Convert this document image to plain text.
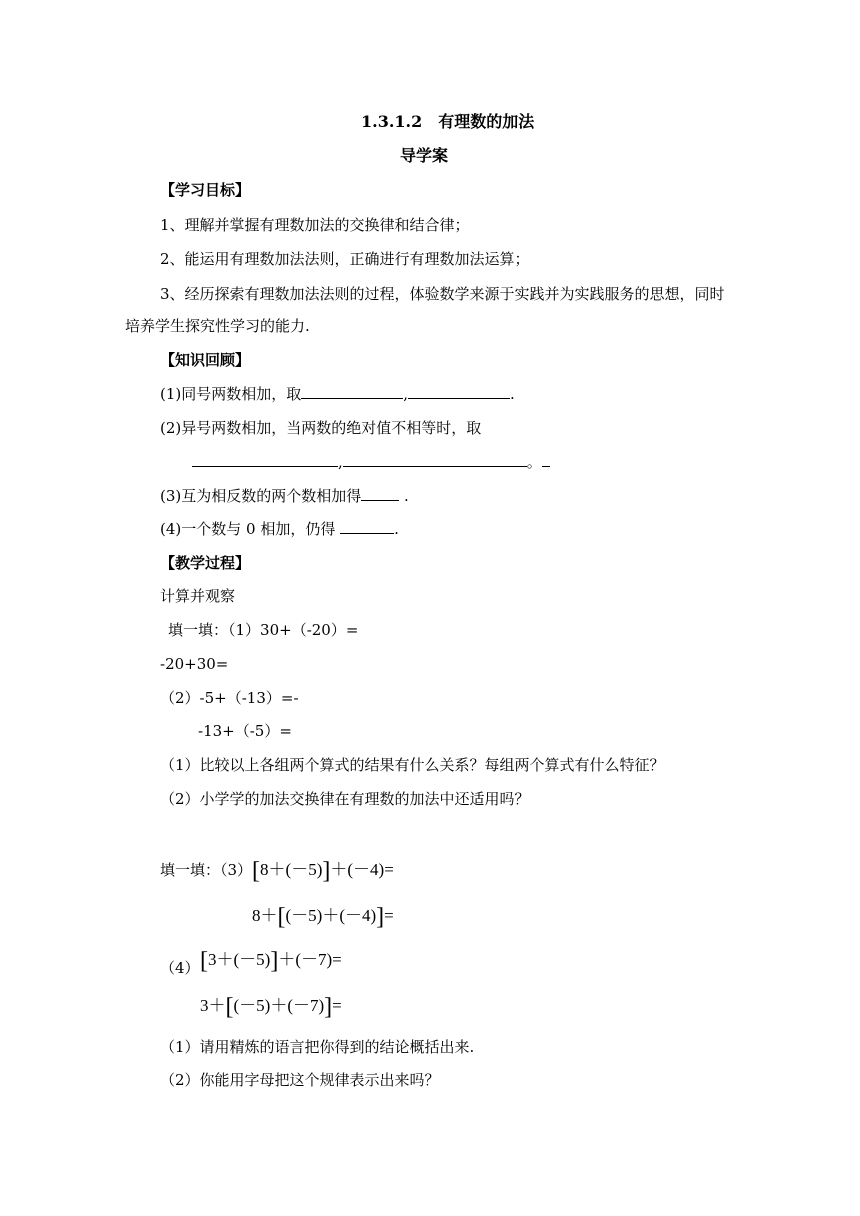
1.3.1.2　有理数的加法
导学案
【学习目标】
1、理解并掌握有理数加法的交换律和结合律；
2、能运用有理数加法法则，正确进行有理数加法运算；
3、经历探索有理数加法法则的过程，体验数学来源于实践并为实践服务的思想，同时
培养学生探究性学习的能力.
【知识回顾】
(1)同号两数相加，取	,	.
(2)异号两数相加，当两数的绝对值不相等时，取
,	。
(3)互为相反数的两个数相加得	.
(4)一个数与 0 相加，仍得	.
【教学过程】
计算并观察
填一填：（1）30+（-20）=
-20+30=
（2）-5+（-13）=-
-13+（-5）=
（1）比较以上各组两个算式的结果有什么关系？每组两个算式有什么特征？
（2）小学学的加法交换律在有理数的加法中还适用吗？
填一填：（3）[8＋(－5)]＋(－4)=
8＋[(－5)＋(－4)]=
（4） [3＋(－5)]＋(－7)=
3＋[(－5)＋(－7)]=
（1）请用精炼的语言把你得到的结论概括出来.
（2）你能用字母把这个规律表示出来吗？
